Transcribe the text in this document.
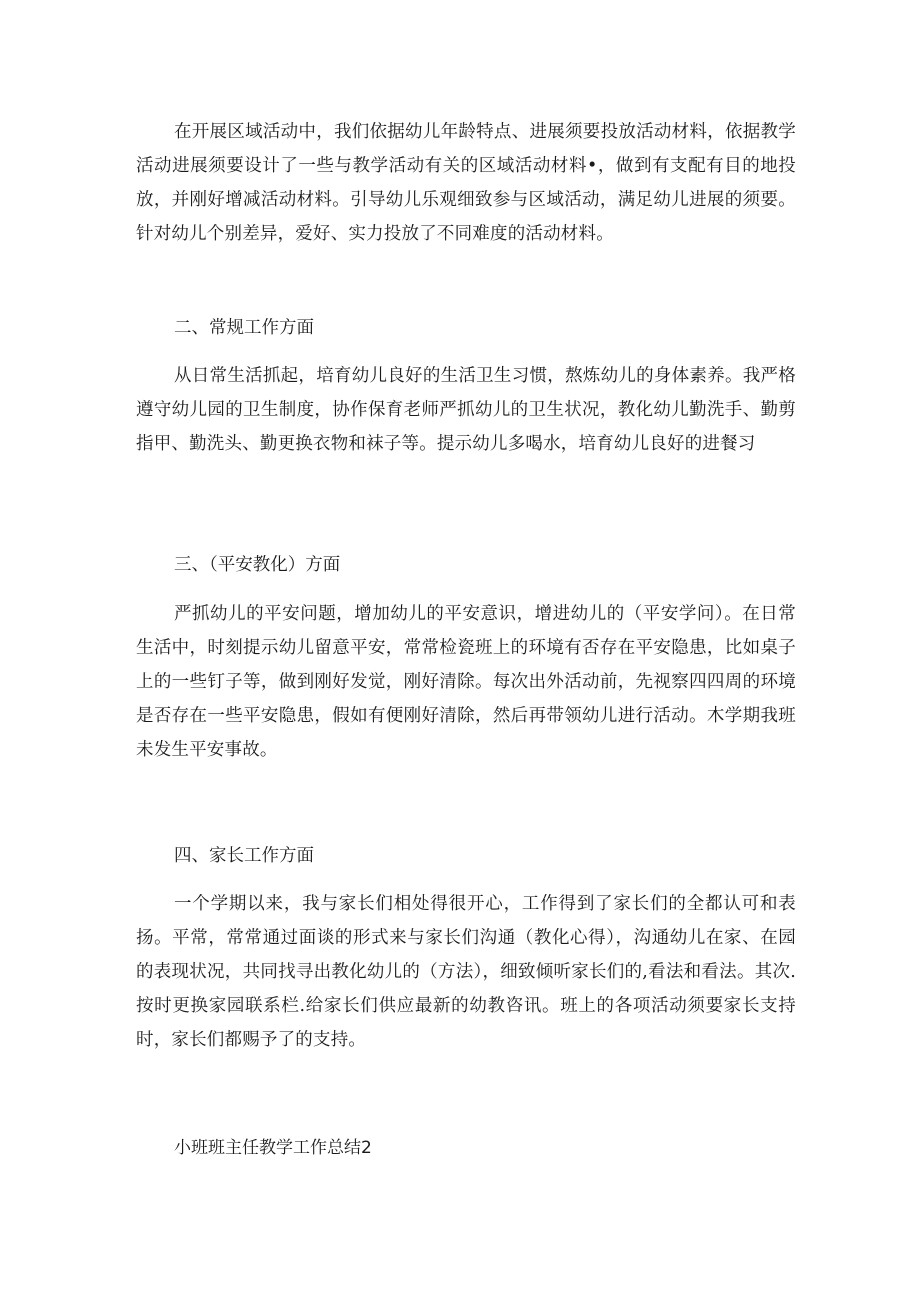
在开展区域活动中，我们依据幼儿年龄特点、进展须要投放活动材料，依据教学活动进展须要设计了一些与教学活动有关的区域活动材料•，做到有支配有目的地投放，并刚好增减活动材料。引导幼儿乐观细致参与区域活动，满足幼儿进展的须要。针对幼儿个别差异，爱好、实力投放了不同难度的活动材料。

二、常规工作方面

从日常生活抓起，培育幼儿良好的生活卫生习惯，熬炼幼儿的身体素养。我严格遵守幼儿园的卫生制度，协作保育老师严抓幼儿的卫生状况，教化幼儿勤洗手、勤剪指甲、勤洗头、勤更换衣物和袜子等。提示幼儿多喝水，培育幼儿良好的进餐习

三、（平安教化）方面

严抓幼儿的平安问题，增加幼儿的平安意识，增进幼儿的（平安学问）。在日常生活中，时刻提示幼儿留意平安，常常检瓷班上的环境有否存在平安隐患，比如桌子上的一些钉子等，做到刚好发觉，刚好清除。每次出外活动前，先视察四四周的环境是否存在一些平安隐患，假如有便刚好清除，然后再带领幼儿进行活动。木学期我班未发生平安事故。

四、家长工作方面

一个学期以来，我与家长们相处得很开心，工作得到了家长们的全都认可和表扬。平常，常常通过面谈的形式来与家长们沟通（教化心得），沟通幼儿在家、在园的表现状况，共同找寻出教化幼儿的（方法），细致倾听家长们的,看法和看法。其次.按时更换家园联系栏.给家长们供应最新的幼教咨讯。班上的各项活动须要家长支持时，家长们都赐予了的支持。

小班班主任教学工作总结2
